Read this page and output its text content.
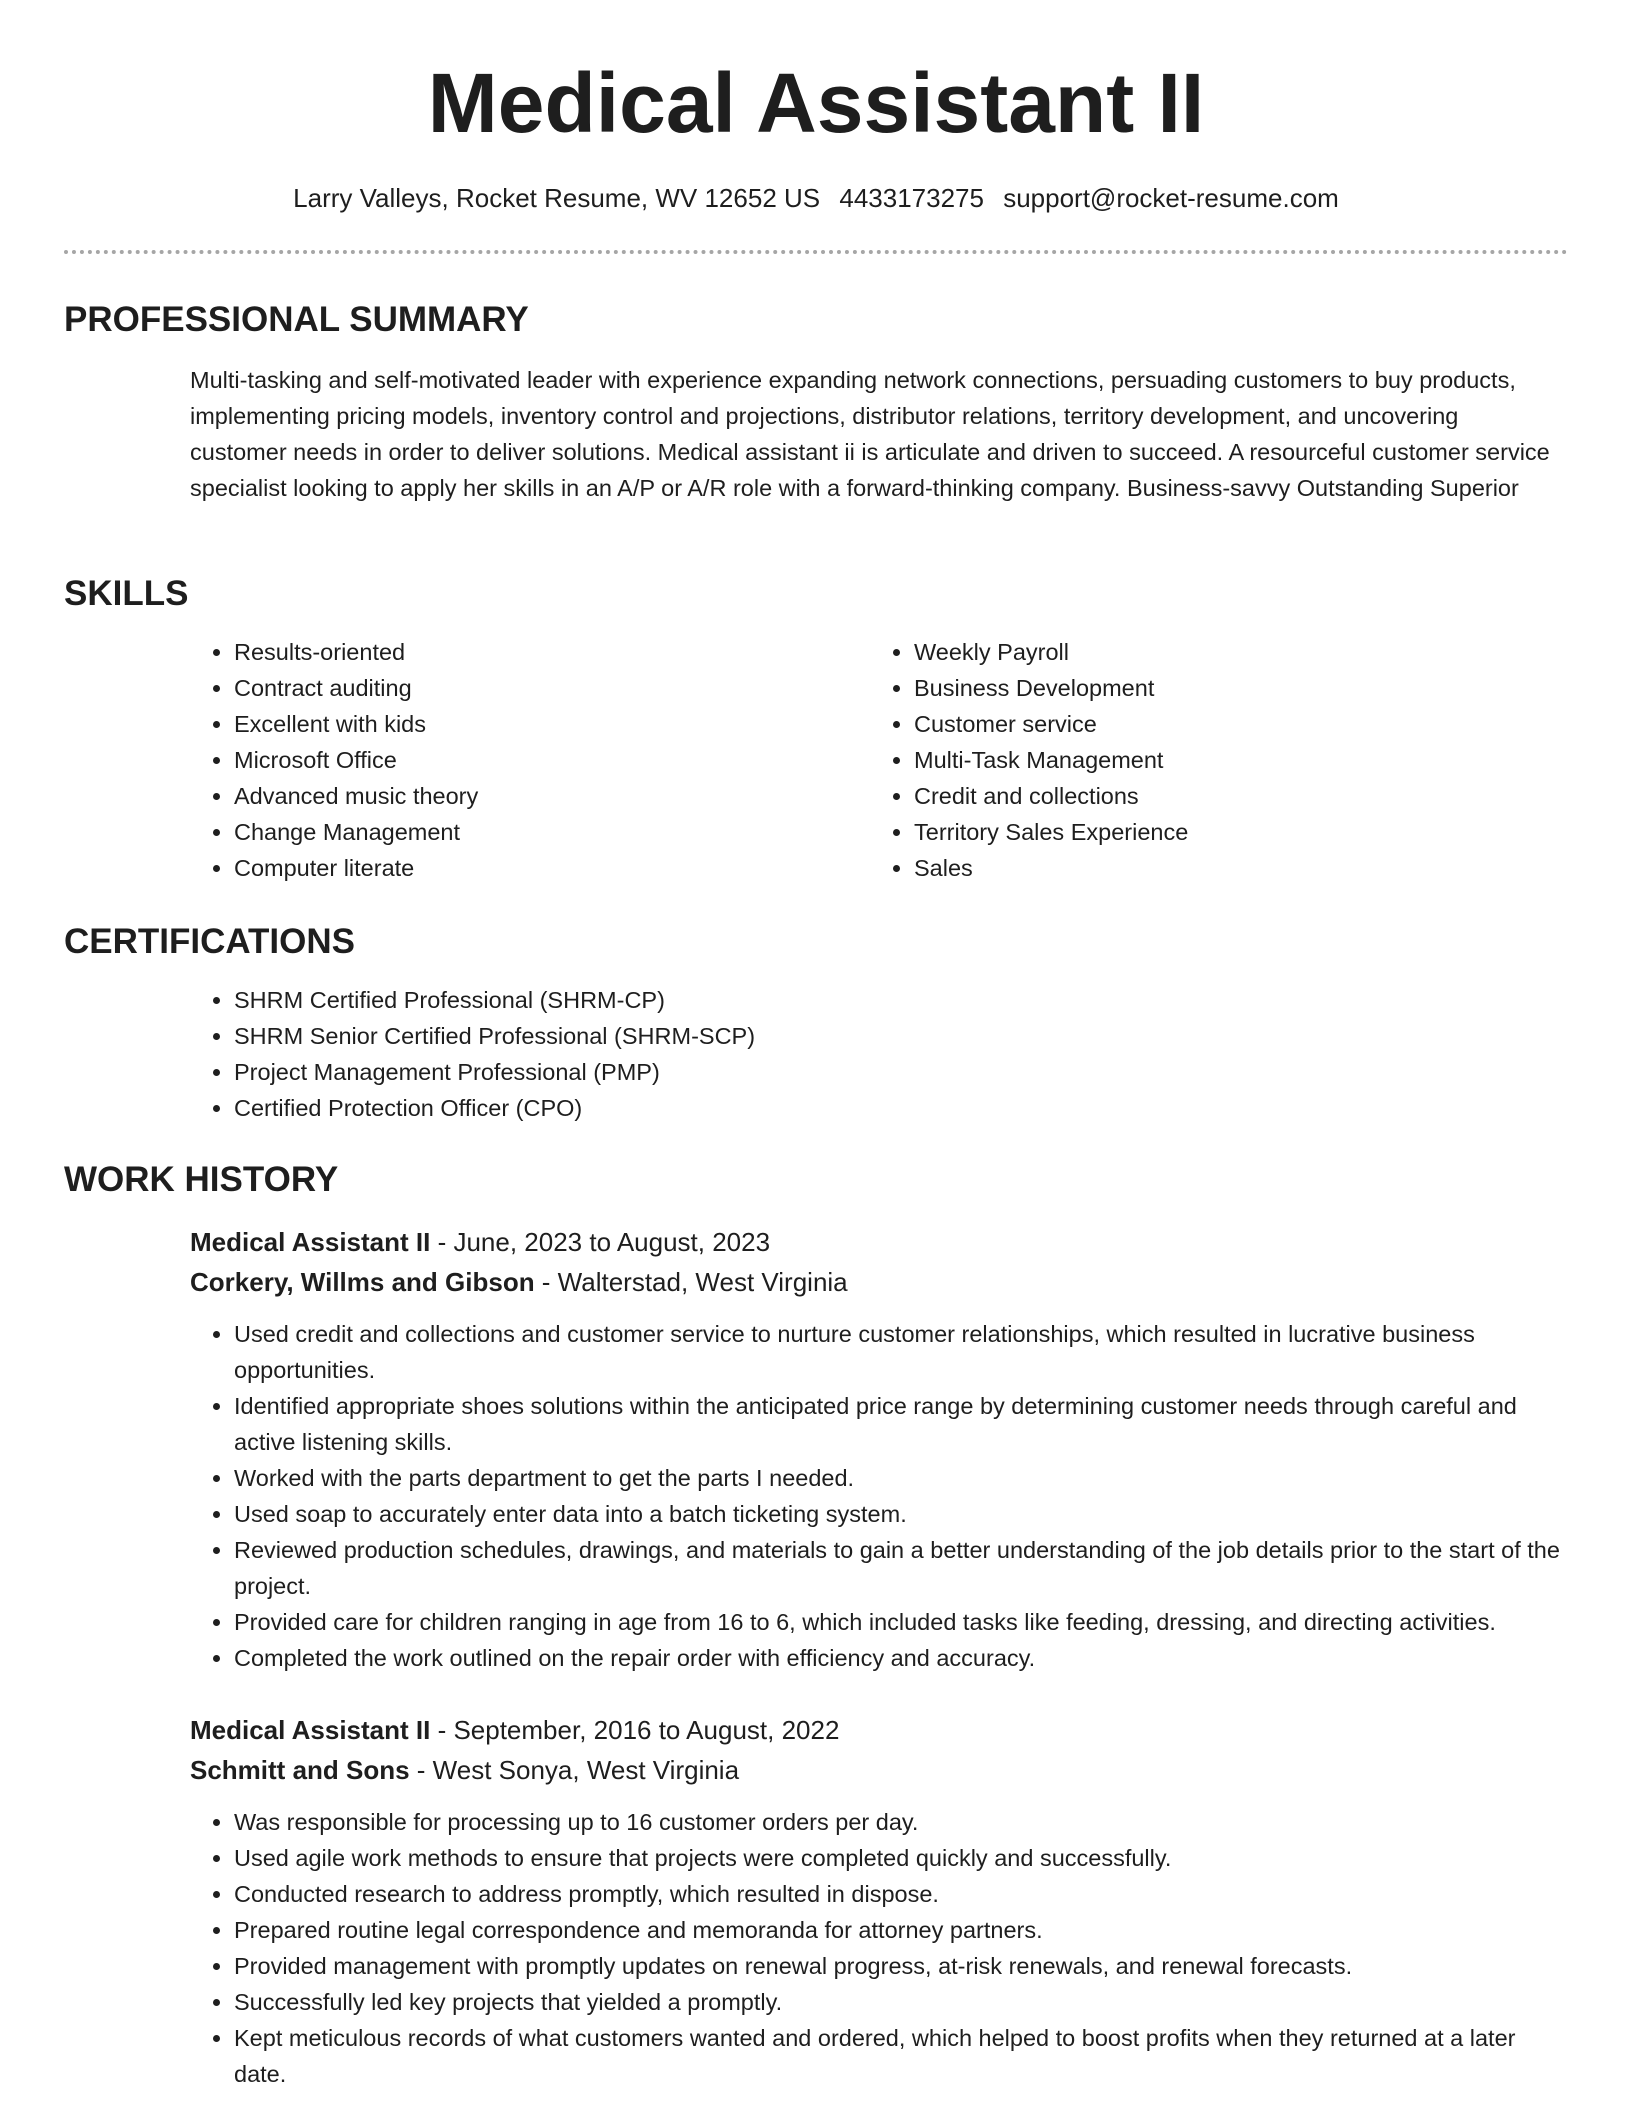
Medical Assistant II
Larry Valleys, Rocket Resume, WV 12652 US 4433173275 support@rocket-resume.com
PROFESSIONAL SUMMARY
Multi-tasking and self-motivated leader with experience expanding network connections, persuading customers to buy products, implementing pricing models, inventory control and projections, distributor relations, territory development, and uncovering customer needs in order to deliver solutions. Medical assistant ii is articulate and driven to succeed. A resourceful customer service specialist looking to apply her skills in an A/P or A/R role with a forward-thinking company. Business-savvy Outstanding Superior
SKILLS
• Results-oriented
• Contract auditing
• Excellent with kids
• Microsoft Office
• Advanced music theory
• Change Management
• Computer literate
• Weekly Payroll
• Business Development
• Customer service
• Multi-Task Management
• Credit and collections
• Territory Sales Experience
• Sales
CERTIFICATIONS
• SHRM Certified Professional (SHRM-CP)
• SHRM Senior Certified Professional (SHRM-SCP)
• Project Management Professional (PMP)
• Certified Protection Officer (CPO)
WORK HISTORY
Medical Assistant II - June, 2023 to August, 2023
Corkery, Willms and Gibson - Walterstad, West Virginia
• Used credit and collections and customer service to nurture customer relationships, which resulted in lucrative business opportunities.
• Identified appropriate shoes solutions within the anticipated price range by determining customer needs through careful and active listening skills.
• Worked with the parts department to get the parts I needed.
• Used soap to accurately enter data into a batch ticketing system.
• Reviewed production schedules, drawings, and materials to gain a better understanding of the job details prior to the start of the project.
• Provided care for children ranging in age from 16 to 6, which included tasks like feeding, dressing, and directing activities.
• Completed the work outlined on the repair order with efficiency and accuracy.
Medical Assistant II - September, 2016 to August, 2022
Schmitt and Sons - West Sonya, West Virginia
• Was responsible for processing up to 16 customer orders per day.
• Used agile work methods to ensure that projects were completed quickly and successfully.
• Conducted research to address promptly, which resulted in dispose.
• Prepared routine legal correspondence and memoranda for attorney partners.
• Provided management with promptly updates on renewal progress, at-risk renewals, and renewal forecasts.
• Successfully led key projects that yielded a promptly.
• Kept meticulous records of what customers wanted and ordered, which helped to boost profits when they returned at a later date.
